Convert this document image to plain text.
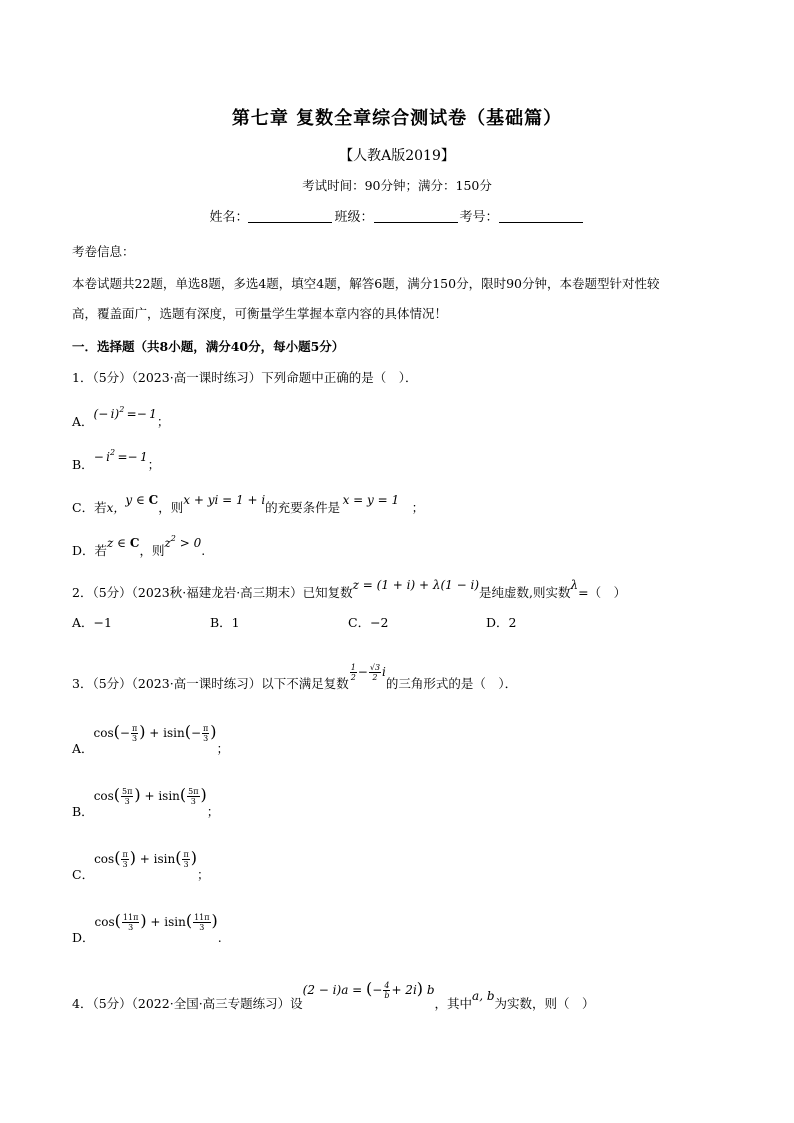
第七章 复数全章综合测试卷（基础篇）
【人教A版2019】
考试时间：90分钟；满分：150分
姓名：	班级：	考号：
考卷信息：
本卷试题共22题，单选8题，多选4题，填空4题，解答6题，满分150分，限时90分钟，本卷题型针对性较
高，覆盖面广，选题有深度，可衡量学生掌握本章内容的具体情况！
一．选择题（共8小题，满分40分，每小题5分）
1．（5分）（2023·高一课时练习）下列命题中正确的是（　）．
A．(− i)$^2$ =− 1；
B．− $i^2 =- 1$；
C．若x，y ∈ C，则x + yi = 1 + i的充要条件是 x = y = 1  ；
D．若z ∈ C，则$z^2 > 0$.
2．（5分）（2023秋·福建龙岩·高三期末）已知复数z = (1 + i) + λ(1 − i)是纯虚数,则实数λ=（　）
A．−1	B．1	C．−2	D．2
3．（5分）（2023·高一课时练习）以下不满足复数
$\frac{1}{2} - \frac{√3}{2}$ i的三角形式的是（　）．
A．$\cos(- \frac{\pi}{3}$ ) + $isin(- \frac{\pi}{3}$ )；
B．$\cos( \frac{5\pi}{3}$ ) + $isin( \frac{5\pi}{3}$ )；
C．$\cos( \frac{\pi}{3}$ ) + $isin( \frac{\pi}{3}$ )；
D．$\cos( \frac{11\pi}{3}$ ) + $isin( \frac{11\pi}{3}$ ).
4．（5分）（2022·全国·高三专题练习）设(2 − i)a = (− $\frac{4}{b} + 2i$) b，其中a, b为实数，则（　）
